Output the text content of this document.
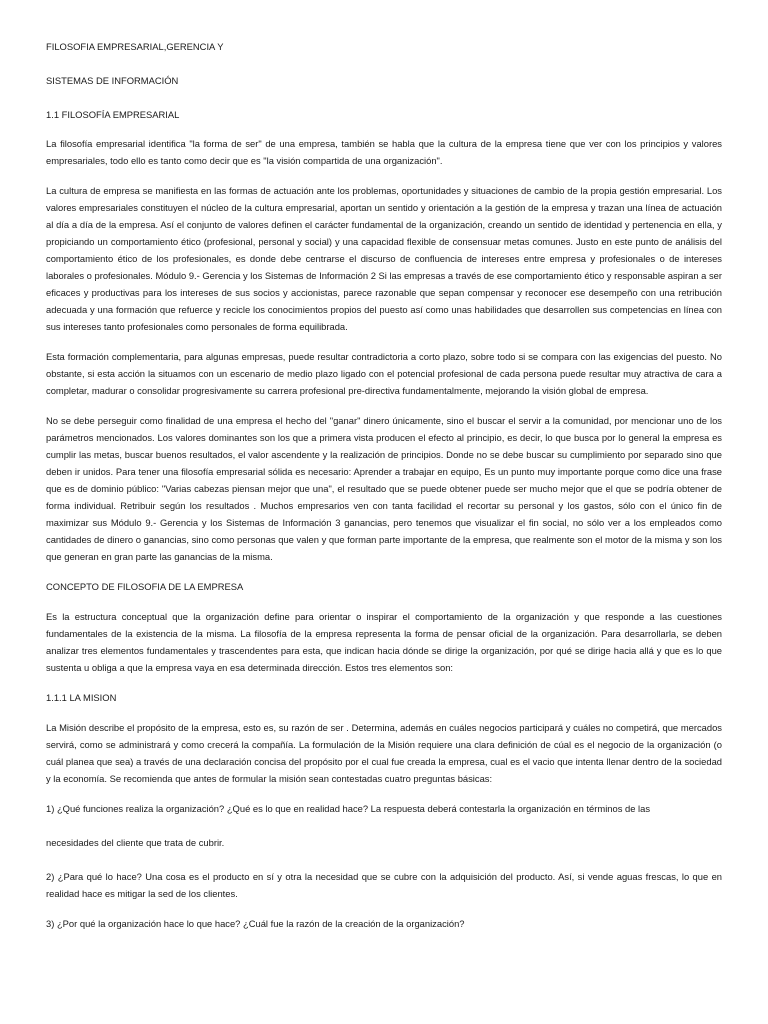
FILOSOFIA EMPRESARIAL,GERENCIA Y

SISTEMAS DE INFORMACIÓN

1.1 FILOSOFÍA EMPRESARIAL

La filosofía empresarial identifica "la forma de ser" de una empresa, también se habla que la cultura de la empresa tiene que ver con los principios y valores empresariales, todo ello es tanto como decir que es "la visión compartida de una organización".

La cultura de empresa se manifiesta en las formas de actuación ante los problemas, oportunidades y situaciones de cambio de la propia gestión empresarial. Los valores empresariales constituyen el núcleo de la cultura empresarial, aportan un sentido y orientación a la gestión de la empresa y trazan una línea de actuación al día a día de la empresa. Así el conjunto de valores definen el carácter fundamental de la organización, creando un sentido de identidad y pertenencia en ella, y propiciando un comportamiento ético (profesional, personal y social) y una capacidad flexible de consensuar metas comunes. Justo en este punto de análisis del comportamiento ético de los profesionales, es donde debe centrarse el discurso de confluencia de intereses entre empresa y profesionales o de intereses laborales o profesionales. Módulo 9.- Gerencia y los Sistemas de Información 2 Si las empresas a través de ese comportamiento ético y responsable aspiran a ser eficaces y productivas para los intereses de sus socios y accionistas, parece razonable que sepan compensar y reconocer ese desempeño con una retribución adecuada y una formación que refuerce y recicle los conocimientos propios del puesto así como unas habilidades que desarrollen sus competencias en línea con sus intereses tanto profesionales como personales de forma equilibrada.

Esta formación complementaria, para algunas empresas, puede resultar contradictoria a corto plazo, sobre todo si se compara con las exigencias del puesto. No obstante, si esta acción la situamos con un escenario de medio plazo ligado con el potencial profesional de cada persona puede resultar muy atractiva de cara a completar, madurar o consolidar progresivamente su carrera profesional pre-directiva fundamentalmente, mejorando la visión global de empresa.

No se debe perseguir como finalidad de una empresa el hecho del "ganar" dinero únicamente, sino el buscar el servir a la comunidad, por mencionar uno de los parámetros mencionados. Los valores dominantes son los que a primera vista producen el efecto al principio, es decir, lo que busca por lo general la empresa es cumplir las metas, buscar buenos resultados, el valor ascendente y la realización de principios. Donde no se debe buscar su cumplimiento por separado sino que deben ir unidos. Para tener una filosofía empresarial sólida es necesario: Aprender a trabajar en equipo, Es un punto muy importante porque como dice una frase que es de dominio público: "Varias cabezas piensan mejor que una", el resultado que se puede obtener puede ser mucho mejor que el que se podría obtener de forma individual. Retribuir según los resultados . Muchos empresarios ven con tanta facilidad el recortar su personal y los gastos, sólo con el único fin de maximizar sus Módulo 9.- Gerencia y los Sistemas de Información 3 ganancias, pero tenemos que visualizar el fin social, no sólo ver a los empleados como cantidades de dinero o ganancias, sino como personas que valen y que forman parte importante de la empresa, que realmente son el motor de la misma y son los que generan en gran parte las ganancias de la misma.

CONCEPTO DE FILOSOFIA DE LA EMPRESA

Es la estructura conceptual que la organización define para orientar o inspirar el comportamiento de la organización y que responde a las cuestiones fundamentales de la existencia de la misma. La filosofía de la empresa representa la forma de pensar oficial de la organización. Para desarrollarla, se deben analizar tres elementos fundamentales y trascendentes para esta, que indican hacia dónde se dirige la organización, por qué se dirige hacia allá y que es lo que sustenta u obliga a que la empresa vaya en esa determinada dirección. Estos tres elementos son:

1.1.1 LA MISION

La Misión describe el propósito de la empresa, esto es, su razón de ser . Determina, además en cuáles negocios participará y cuáles no competirá, que mercados servirá, como se administrará y como crecerá la compañía. La formulación de la Misión requiere una clara definición de cúal es el negocio de la organización (o cuál planea que sea) a través de una declaración concisa del propósito por el cual fue creada la empresa, cual es el vacio que intenta llenar dentro de la sociedad y la economía. Se recomienda que antes de formular la misión sean contestadas cuatro preguntas básicas:

1) ¿Qué funciones realiza la organización? ¿Qué es lo que en realidad hace? La respuesta deberá contestarla la organización en términos de las

necesidades del cliente que trata de cubrir.

2) ¿Para qué lo hace? Una cosa es el producto en sí y otra la necesidad que se cubre con la adquisición del producto. Así, si vende aguas frescas, lo que en realidad hace es mitigar la sed de los clientes.

3) ¿Por qué la organización hace lo que hace? ¿Cuál fue la razón de la creación de la organización?
